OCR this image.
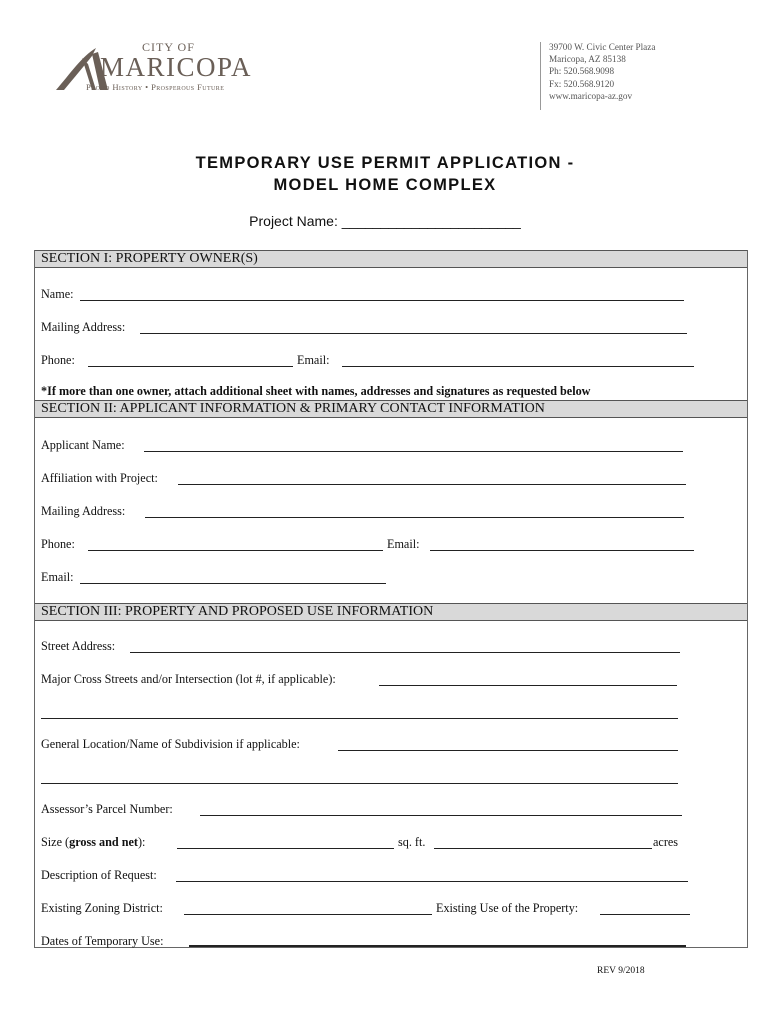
CITY OF
MARICOPA
Proud History • Prosperous Future
39700 W. Civic Center Plaza
Maricopa, AZ 85138
Ph: 520.568.9098
Fx: 520.568.9120
www.maricopa-az.gov
TEMPORARY USE PERMIT APPLICATION -
MODEL HOME COMPLEX
Project Name: _______________________
SECTION I: PROPERTY OWNER(S)
Name:
Mailing Address:
Phone:	Email:
*If more than one owner, attach additional sheet with names, addresses and signatures as requested below
SECTION II: APPLICANT INFORMATION & PRIMARY CONTACT INFORMATION
Applicant Name:
Affiliation with Project:
Mailing Address:
Phone:	Email:
Email:
SECTION III: PROPERTY AND PROPOSED USE INFORMATION
Street Address:
Major Cross Streets and/or Intersection (lot #, if applicable):
General Location/Name of Subdivision if applicable:
Assessor’s Parcel Number:
Size (gross and net):	sq. ft.	acres
Description of Request:
Existing Zoning District:	Existing Use of the Property:
Dates of Temporary Use:
REV 9/2018
